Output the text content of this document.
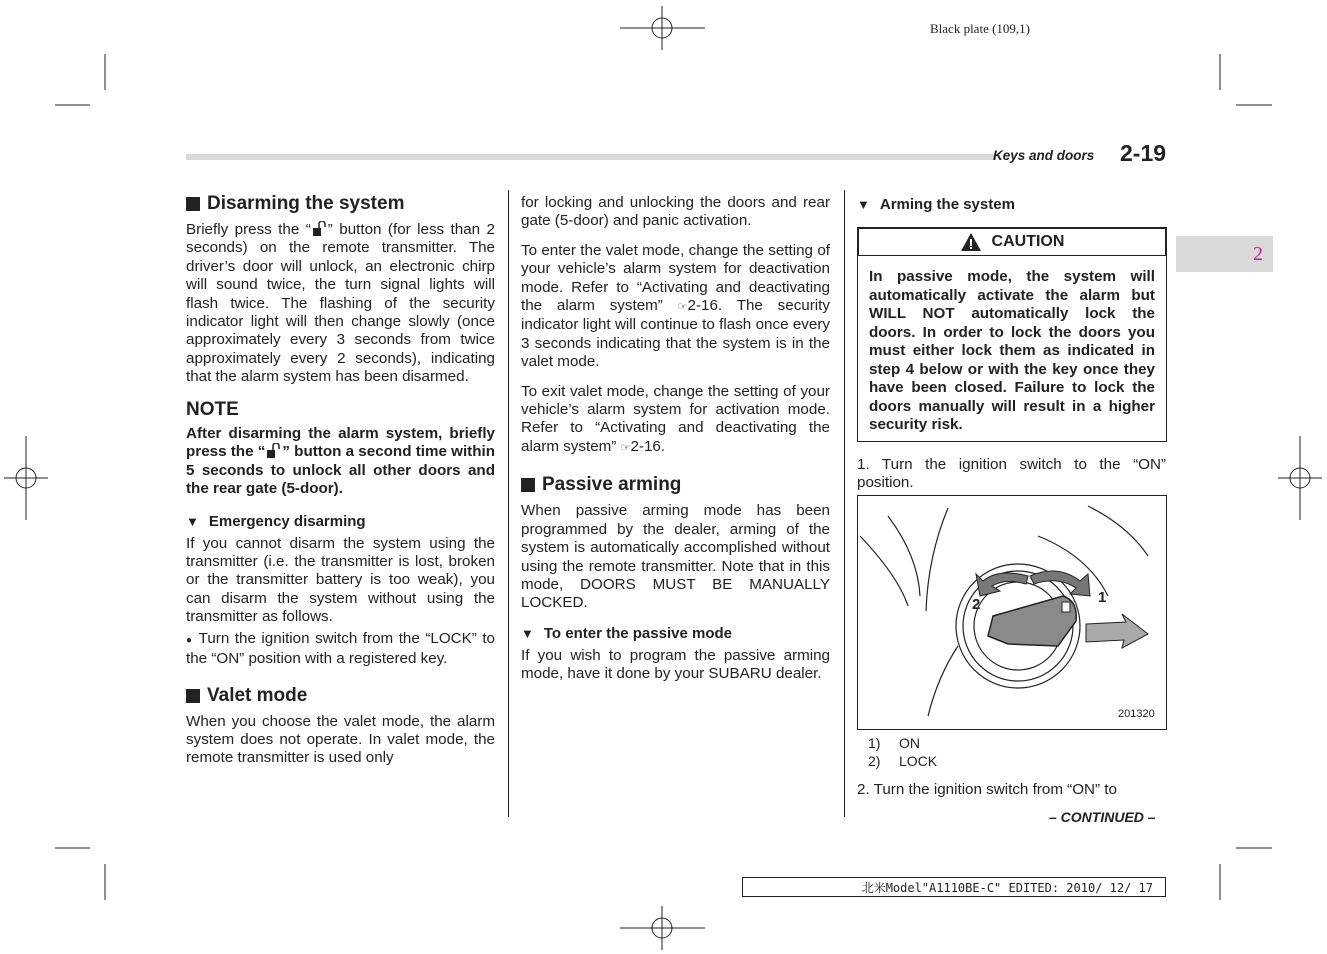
Black plate (109,1)
Keys and doors 2-19
2
Disarming the system

Briefly press the “ ” button (for less than 2 seconds) on the remote transmitter. The driver’s door will unlock, an electronic chirp will sound twice, the turn signal lights will flash twice. The flashing of the security indicator light will then change slowly (once approximately every 3 seconds from twice approximately every 2 seconds), indicating that the alarm system has been disarmed.

NOTE

After disarming the alarm system, briefly press the “ ” button a second time within 5 seconds to unlock all other doors and the rear gate (5-door).

▼ Emergency disarming

If you cannot disarm the system using the transmitter (i.e. the transmitter is lost, broken or the transmitter battery is too weak), you can disarm the system without using the transmitter as follows.

● Turn the ignition switch from the “LOCK” to the “ON” position with a registered key.

Valet mode

When you choose the valet mode, the alarm system does not operate. In valet mode, the remote transmitter is used only

for locking and unlocking the doors and rear gate (5-door) and panic activation.

To enter the valet mode, change the setting of your vehicle’s alarm system for deactivation mode. Refer to “Activating and deactivating the alarm system” ☞2-16. The security indicator light will continue to flash once every 3 seconds indicating that the system is in the valet mode.

To exit valet mode, change the setting of your vehicle’s alarm system for activation mode. Refer to “Activating and deactivating the alarm system” ☞2-16.

Passive arming

When passive arming mode has been programmed by the dealer, arming of the system is automatically accomplished without using the remote transmitter. Note that in this mode, DOORS MUST BE MANUALLY LOCKED.

▼ To enter the passive mode

If you wish to program the passive arming mode, have it done by your SUBARU dealer.

▼ Arming the system
CAUTION

In passive mode, the system will automatically activate the alarm but WILL NOT automatically lock the doors. In order to lock the doors you must either lock them as indicated in step 4 below or with the key once they have been closed. Failure to lock the doors manually will result in a higher security risk.

1. Turn the ignition switch to the “ON” position.

1
2
201320
1) ON
2) LOCK

2. Turn the ignition switch from “ON” to

– CONTINUED –
北米Model"A1110BE-C" EDITED: 2010/ 12/ 17
